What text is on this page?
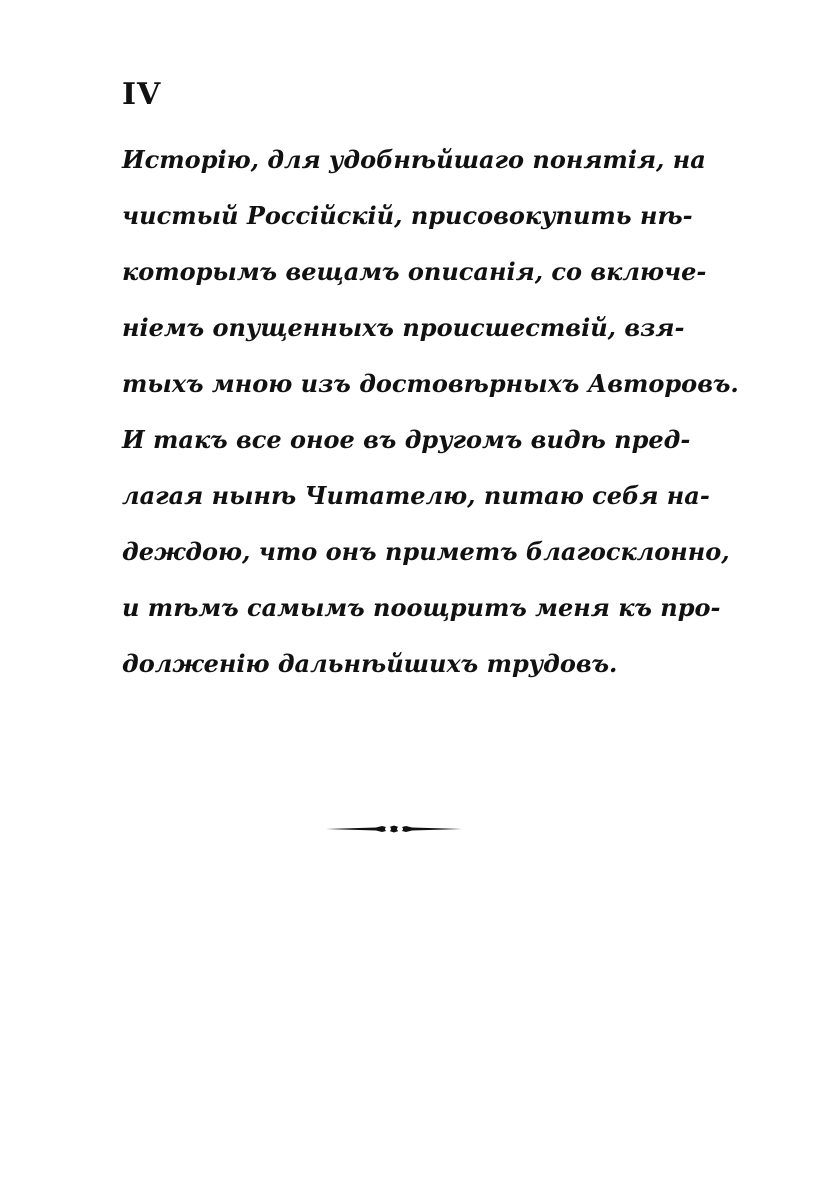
IV
Исторію, для удобнѣйшаго понятія, на
чистый Россійскій, присовокупить нѣ-
которымъ вещамъ описанія, со включе-
ніемъ опущенныхъ происшествій, взя-
тыхъ мною изъ достовѣрныхъ Авторовъ.
И такъ все оное въ другомъ видѣ пред-
лагая нынѣ Читателю, питаю себя на-
деждою, что онъ приметъ благосклонно,
и тѣмъ самымъ поощритъ меня къ про-
долженію дальнѣйшихъ трудовъ.
